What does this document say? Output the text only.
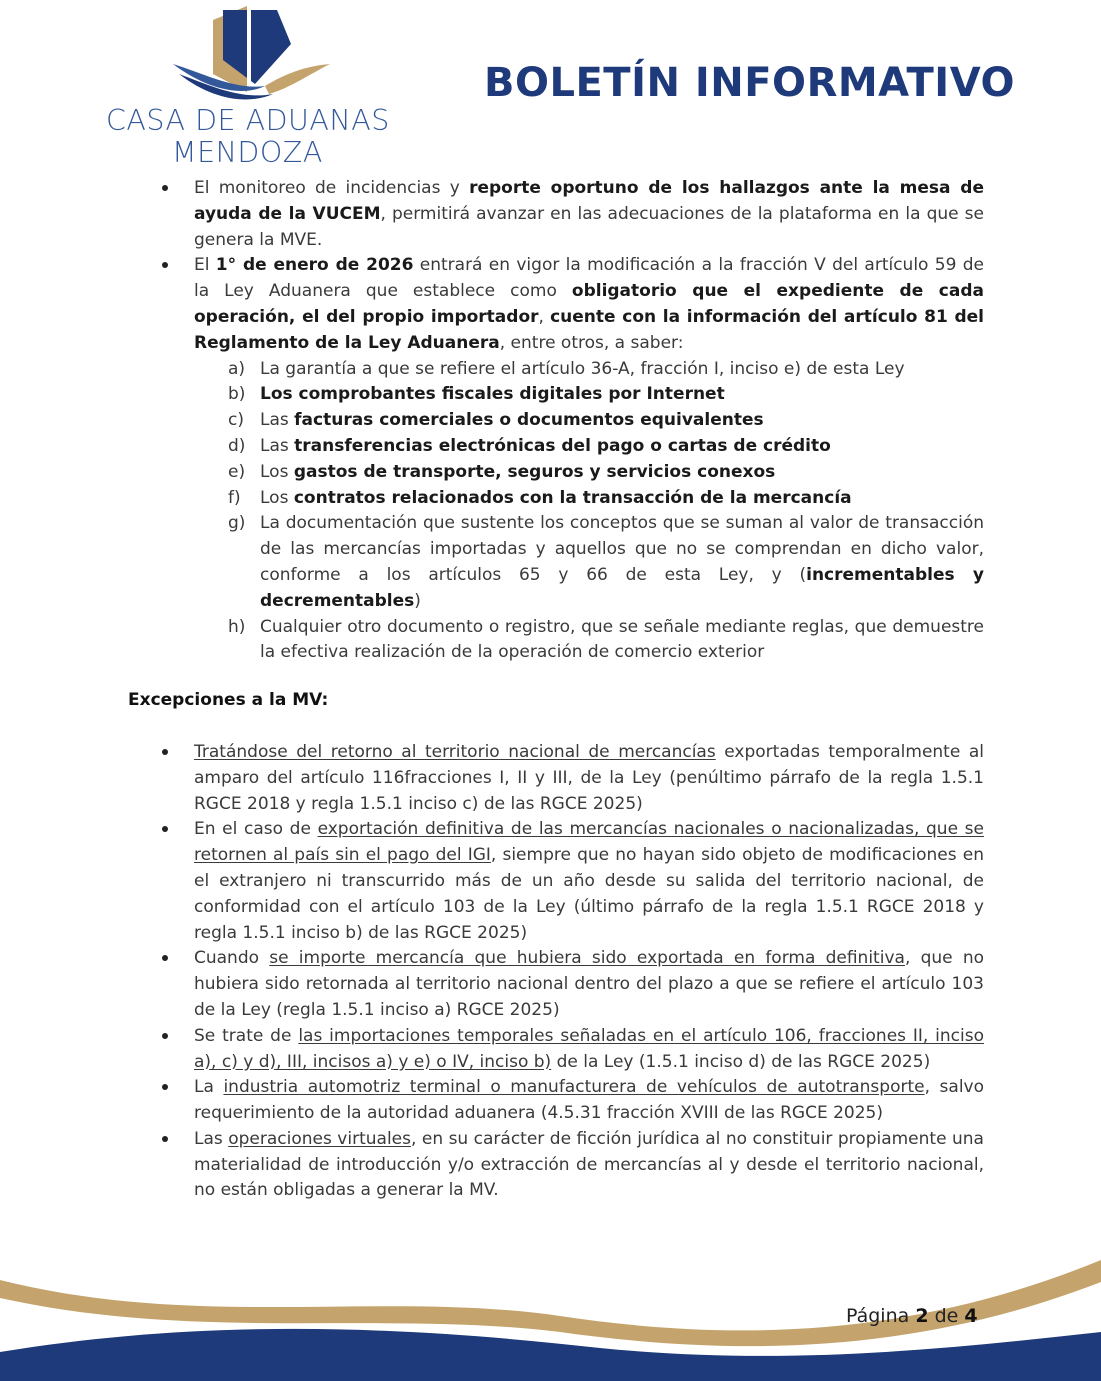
CASA DE ADUANAS
MENDOZA
BOLETÍN INFORMATIVO
El monitoreo de incidencias y reporte oportuno de los hallazgos ante la mesa de ayuda de la VUCEM, permitirá avanzar en las adecuaciones de la plataforma en la que se genera la MVE.
El 1° de enero de 2026 entrará en vigor la modificación a la fracción V del artículo 59 de la Ley Aduanera que establece como obligatorio que el expediente de cada operación, el del propio importador, cuente con la información del artículo 81 del Reglamento de la Ley Aduanera, entre otros, a saber:
a) La garantía a que se refiere el artículo 36-A, fracción I, inciso e) de esta Ley
b) Los comprobantes fiscales digitales por Internet
c) Las facturas comerciales o documentos equivalentes
d) Las transferencias electrónicas del pago o cartas de crédito
e) Los gastos de transporte, seguros y servicios conexos
f) Los contratos relacionados con la transacción de la mercancía
g) La documentación que sustente los conceptos que se suman al valor de transacción de las mercancías importadas y aquellos que no se comprendan en dicho valor, conforme a los artículos 65 y 66 de esta Ley, y (incrementables y decrementables)
h) Cualquier otro documento o registro, que se señale mediante reglas, que demuestre la efectiva realización de la operación de comercio exterior
Excepciones a la MV:
Tratándose del retorno al territorio nacional de mercancías exportadas temporalmente al amparo del artículo 116fracciones I, II y III, de la Ley (penúltimo párrafo de la regla 1.5.1 RGCE 2018 y regla 1.5.1 inciso c) de las RGCE 2025)
En el caso de exportación definitiva de las mercancías nacionales o nacionalizadas, que se retornen al país sin el pago del IGI, siempre que no hayan sido objeto de modificaciones en el extranjero ni transcurrido más de un año desde su salida del territorio nacional, de conformidad con el artículo 103 de la Ley (último párrafo de la regla 1.5.1 RGCE 2018 y regla 1.5.1 inciso b) de las RGCE 2025)
Cuando se importe mercancía que hubiera sido exportada en forma definitiva, que no hubiera sido retornada al territorio nacional dentro del plazo a que se refiere el artículo 103 de la Ley (regla 1.5.1 inciso a) RGCE 2025)
Se trate de las importaciones temporales señaladas en el artículo 106, fracciones II, inciso a), c) y d), III, incisos a) y e) o IV, inciso b) de la Ley (1.5.1 inciso d) de las RGCE 2025)
La industria automotriz terminal o manufacturera de vehículos de autotransporte, salvo requerimiento de la autoridad aduanera (4.5.31 fracción XVIII de las RGCE 2025)
Las operaciones virtuales, en su carácter de ficción jurídica al no constituir propiamente una materialidad de introducción y/o extracción de mercancías al y desde el territorio nacional, no están obligadas a generar la MV.
Página 2 de 4
